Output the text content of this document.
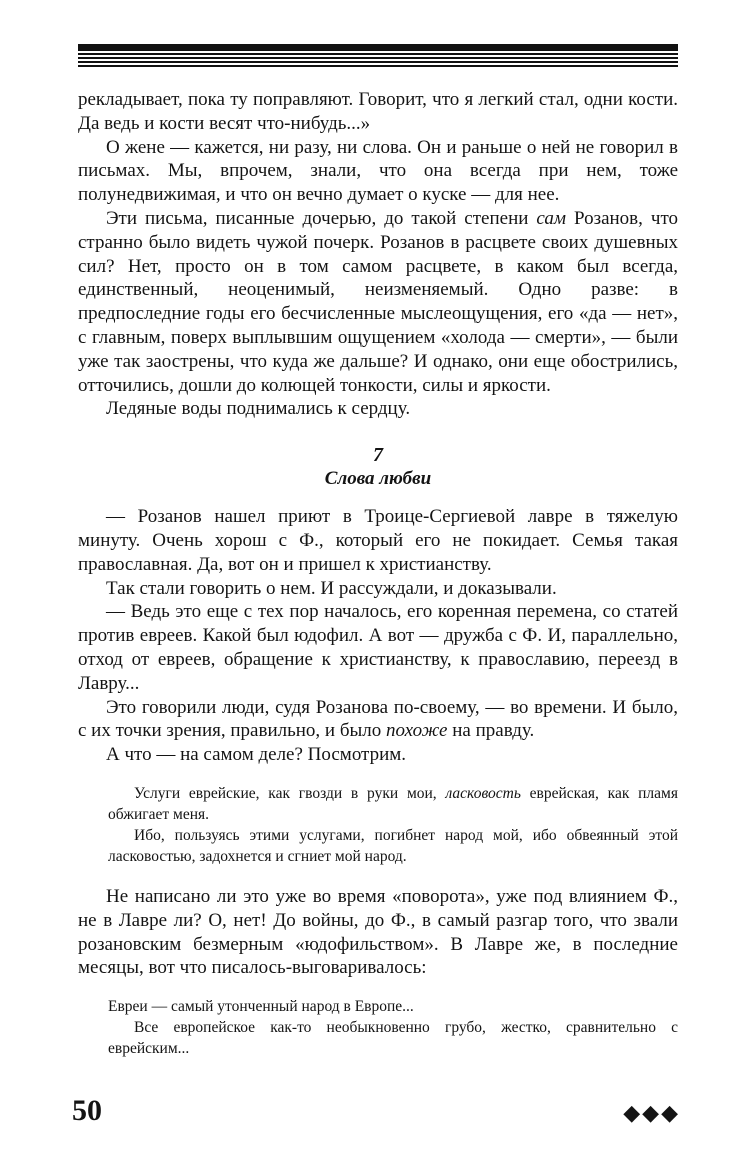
рекладывает, пока ту поправляют. Говорит, что я легкий стал, одни кости. Да ведь и кости весят что-нибудь...»

О жене — кажется, ни разу, ни слова. Он и раньше о ней не говорил в письмах. Мы, впрочем, знали, что она всегда при нем, тоже полунедвижимая, и что он вечно думает о куске — для нее.

Эти письма, писанные дочерью, до такой степени сам Розанов, что странно было видеть чужой почерк. Розанов в расцвете своих душевных сил? Нет, просто он в том самом расцвете, в каком был всегда, единственный, неоценимый, неизменяемый. Одно разве: в предпоследние годы его бесчисленные мыслеощущения, его «да — нет», с главным, поверх выплывшим ощущением «холода — смерти», — были уже так заострены, что куда же дальше? И однако, они еще обострились, отточились, дошли до колющей тонкости, силы и яркости.

Ледяные воды поднимались к сердцу.

7
Слова любви

— Розанов нашел приют в Троице-Сергиевой лавре в тяжелую минуту. Очень хорош с Ф., который его не покидает. Семья такая православная. Да, вот он и пришел к христианству.

Так стали говорить о нем. И рассуждали, и доказывали.

— Ведь это еще с тех пор началось, его коренная перемена, со статей против евреев. Какой был юдофил. А вот — дружба с Ф. И, параллельно, отход от евреев, обращение к христианству, к православию, переезд в Лавру...

Это говорили люди, судя Розанова по-своему, — во времени. И было, с их точки зрения, правильно, и было похоже на правду.

А что — на самом деле? Посмотрим.

Услуги еврейские, как гвозди в руки мои, ласковость еврейская, как пламя обжигает меня.

Ибо, пользуясь этими услугами, погибнет народ мой, ибо обвеянный этой ласковостью, задохнется и сгниет мой народ.

Не написано ли это уже во время «поворота», уже под влиянием Ф., не в Лавре ли? О, нет! До войны, до Ф., в самый разгар того, что звали розановским безмерным «юдофильством». В Лавре же, в последние месяцы, вот что писалось-выговаривалось:

Евреи — самый утонченный народ в Европе...

Все европейское как-то необыкновенно грубо, жестко, сравнительно с еврейским...

50	◆◆◆
